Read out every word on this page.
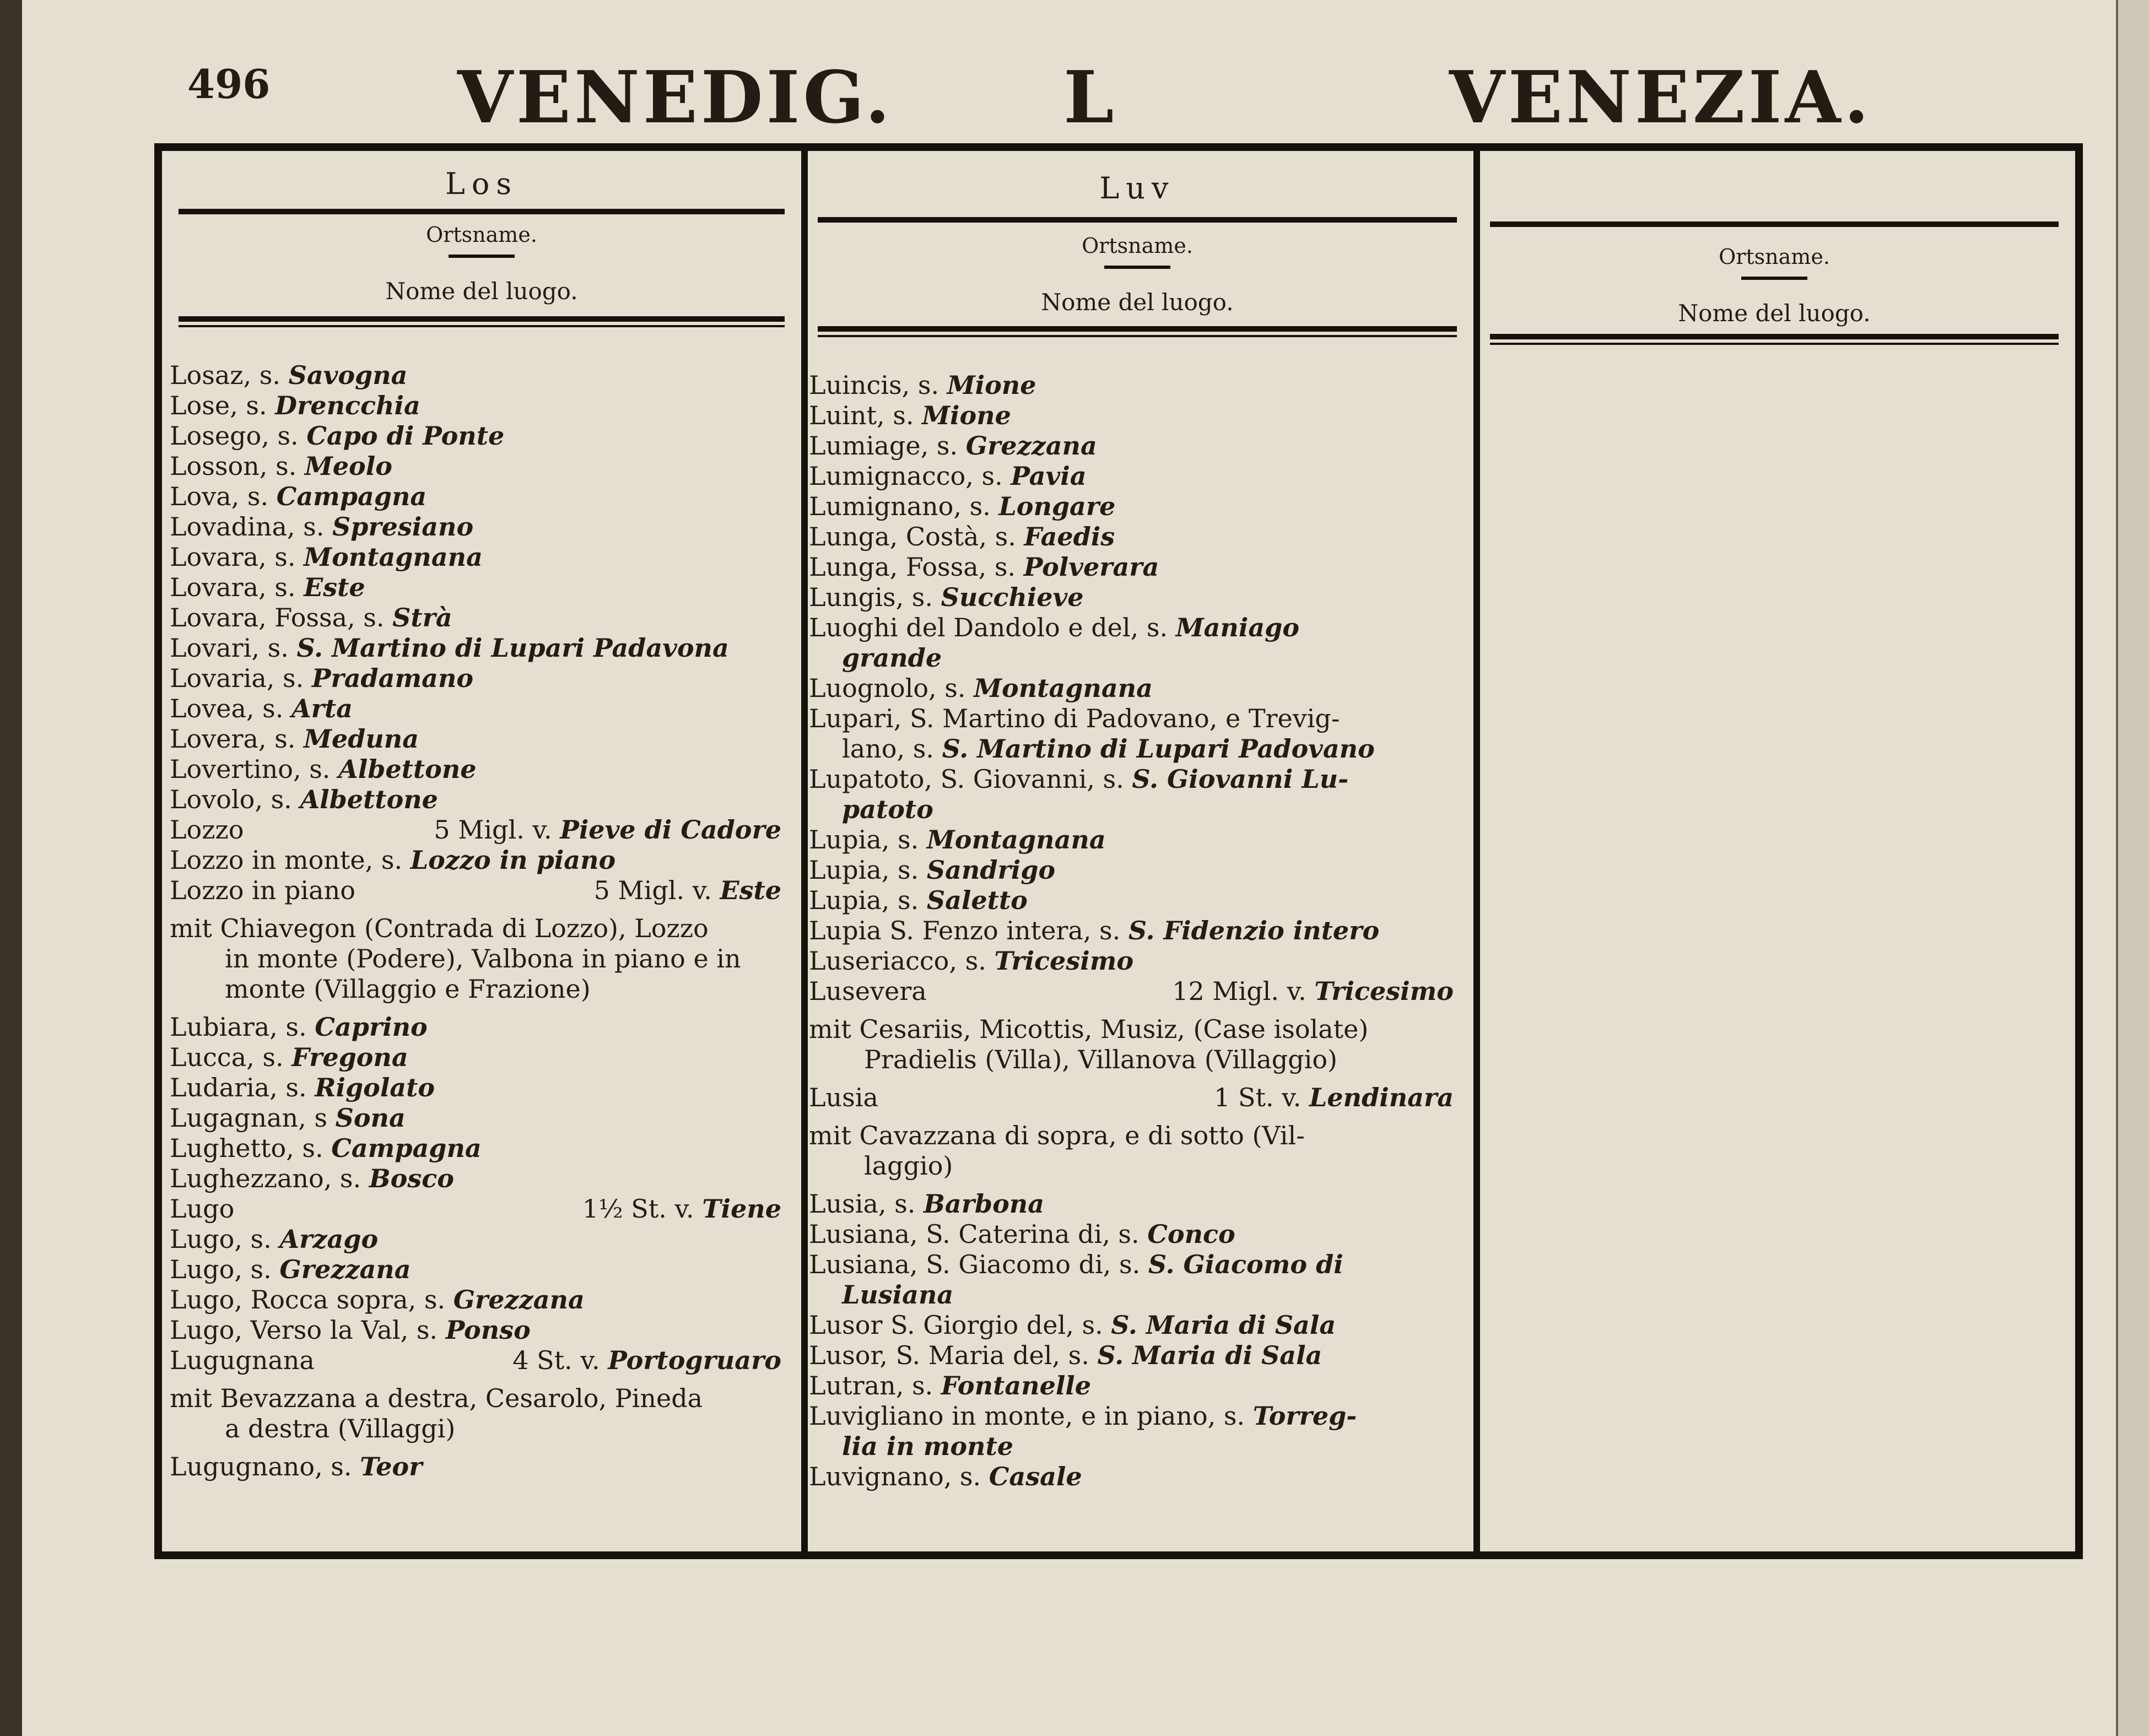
496	VENEDIG. L	VENEZIA.
Los
Ortsname.
Nome del luogo.
Losaz, s. Savogna
Lose, s. Drencchia
Losego, s. Capo di Ponte
Losson, s. Meolo
Lova, s. Campagna
Lovadina, s. Spresiano
Lovara, s. Montagnana
Lovara, s. Este
Lovara, Fossa, s. Strà
Lovari, s. S. Martino di Lupari Padavona
Lovaria, s. Pradamano
Lovea, s. Arta
Lovera, s. Meduna
Lovertino, s. Albettone
Lovolo, s. Albettone
Lozzo	5 Migl. v. Pieve di Cadore
Lozzo in monte, s. Lozzo in piano
Lozzo in piano	5 Migl. v. Este
mit Chiavegon (Contrada di Lozzo), Lozzo
in monte (Podere), Valbona in piano e in monte (Villaggio e Frazione)
Lubiara, s. Caprino
Lucca, s. Fregona
Ludaria, s. Rigolato
Lugagnan, s Sona
Lughetto, s. Campagna
Lughezzano, s. Bosco
Lugo	1½ St. v. Tiene
Lugo, s. Arzago
Lugo, s. Grezzana
Lugo, Rocca sopra, s. Grezzana
Lugo, Verso la Val, s. Ponso
Lugugnana	4 St. v. Portogruaro
mit Bevazzana a destra, Cesarolo, Pineda
a destra (Villaggi)
Lugugnano, s. Teor
Luv
Ortsname.
Nome del luogo.
Luincis, s. Mione
Luint, s. Mione
Lumiage, s. Grezzana
Lumignacco, s. Pavia
Lumignano, s. Longare
Lunga, Costà, s. Faedis
Lunga, Fossa, s. Polverara
Lungis, s. Succhieve
Luoghi del Dandolo e del, s. Maniago
grande
Luognolo, s. Montagnana
Lupari, S. Martino di Padovano, e Trevig-
lano, s. S. Martino di Lupari Padovano
Lupatoto, S. Giovanni, s. S. Giovanni Lu-
patoto
Lupia, s. Montagnana
Lupia, s. Sandrigo
Lupia, s. Saletto
Lupia S. Fenzo intera, s. S. Fidenzio intero
Luseriacco, s. Tricesimo
Lusevera	12 Migl. v. Tricesimo
mit Cesariis, Micottis, Musiz, (Case isolate)
Pradielis (Villa), Villanova (Villaggio)
Lusia	1 St. v. Lendinara
mit Cavazzana di sopra, e di sotto (Vil-
laggio)
Lusia, s. Barbona
Lusiana, S. Caterina di, s. Conco
Lusiana, S. Giacomo di, s. S. Giacomo di
Lusiana
Lusor S. Giorgio del, s. S. Maria di Sala
Lusor, S. Maria del, s. S. Maria di Sala
Lutran, s. Fontanelle
Luvigliano in monte, e in piano, s. Torreg-
lia in monte
Luvignano, s. Casale
Ortsname.
Nome del luogo.
